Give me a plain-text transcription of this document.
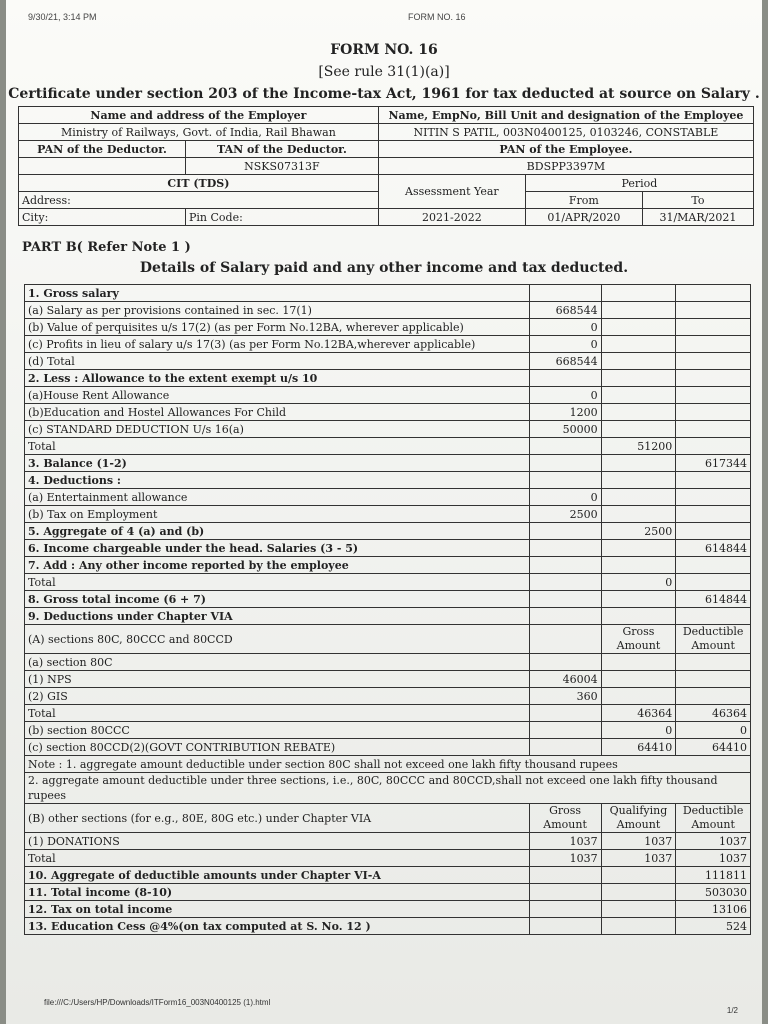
9/30/21, 3:14 PM	FORM NO. 16
FORM NO. 16
[See rule 31(1)(a)]
Certificate under section 203 of the Income-tax Act, 1961 for tax deducted at source on Salary .
Name and address of the Employer		Name, EmpNo, Bill Unit and designation of the Employee		
Ministry of Railways, Govt. of India, Rail Bhawan		NITIN S PATIL, 003N0400125, 0103246, CONSTABLE		
PAN of the Deductor.	TAN of the Deductor.	PAN of the Employee.		
	NSKS07313F	BDSPP3397M		
CIT (TDS)		Assessment Year	Period	
Address:			From	To
City:	Pin Code:	2021-2022	01/APR/2020	31/MAR/2021
PART B( Refer Note 1 )
Details of Salary paid and any other income and tax deducted.
1. Gross salary			
(a) Salary as per provisions contained in sec. 17(1)	668544		
(b) Value of perquisites u/s 17(2) (as per Form No.12BA, wherever applicable)	0		
(c) Profits in lieu of salary u/s 17(3) (as per Form No.12BA,wherever applicable)	0		
(d) Total	668544		
2. Less : Allowance to the extent exempt u/s 10			
(a)House Rent Allowance	0		
(b)Education and Hostel Allowances For Child	1200		
(c) STANDARD DEDUCTION U/s 16(a)	50000		
Total		51200	
3. Balance (1-2)			617344
4. Deductions :			
(a) Entertainment allowance	0		
(b) Tax on Employment	2500		
5. Aggregate of 4 (a) and (b)		2500	
6. Income chargeable under the head. Salaries (3 - 5)			614844
7. Add : Any other income reported by the employee			
Total		0	
8. Gross total income (6 + 7)			614844
9. Deductions under Chapter VIA			
(A) sections 80C, 80CCC and 80CCD		Gross Amount	Deductible Amount
(a) section 80C			
(1) NPS	46004		
(2) GIS	360		
Total		46364	46364
(b) section 80CCC		0	0
(c) section 80CCD(2)(GOVT CONTRIBUTION REBATE)		64410	64410
Note : 1. aggregate amount deductible under section 80C shall not exceed one lakh fifty thousand rupees			
2. aggregate amount deductible under three sections, i.e., 80C, 80CCC and 80CCD,shall not exceed one lakh fifty thousand rupees			
(B) other sections (for e.g., 80E, 80G etc.) under Chapter VIA	Gross Amount	Qualifying Amount	Deductible Amount
(1) DONATIONS	1037	1037	1037
Total	1037	1037	1037
10. Aggregate of deductible amounts under Chapter VI-A			111811
11. Total income (8-10)			503030
12. Tax on total income			13106
13. Education Cess @4%(on tax computed at S. No. 12 )			524
file:///C:/Users/HP/Downloads/ITForm16_003N0400125 (1).html
1/2
